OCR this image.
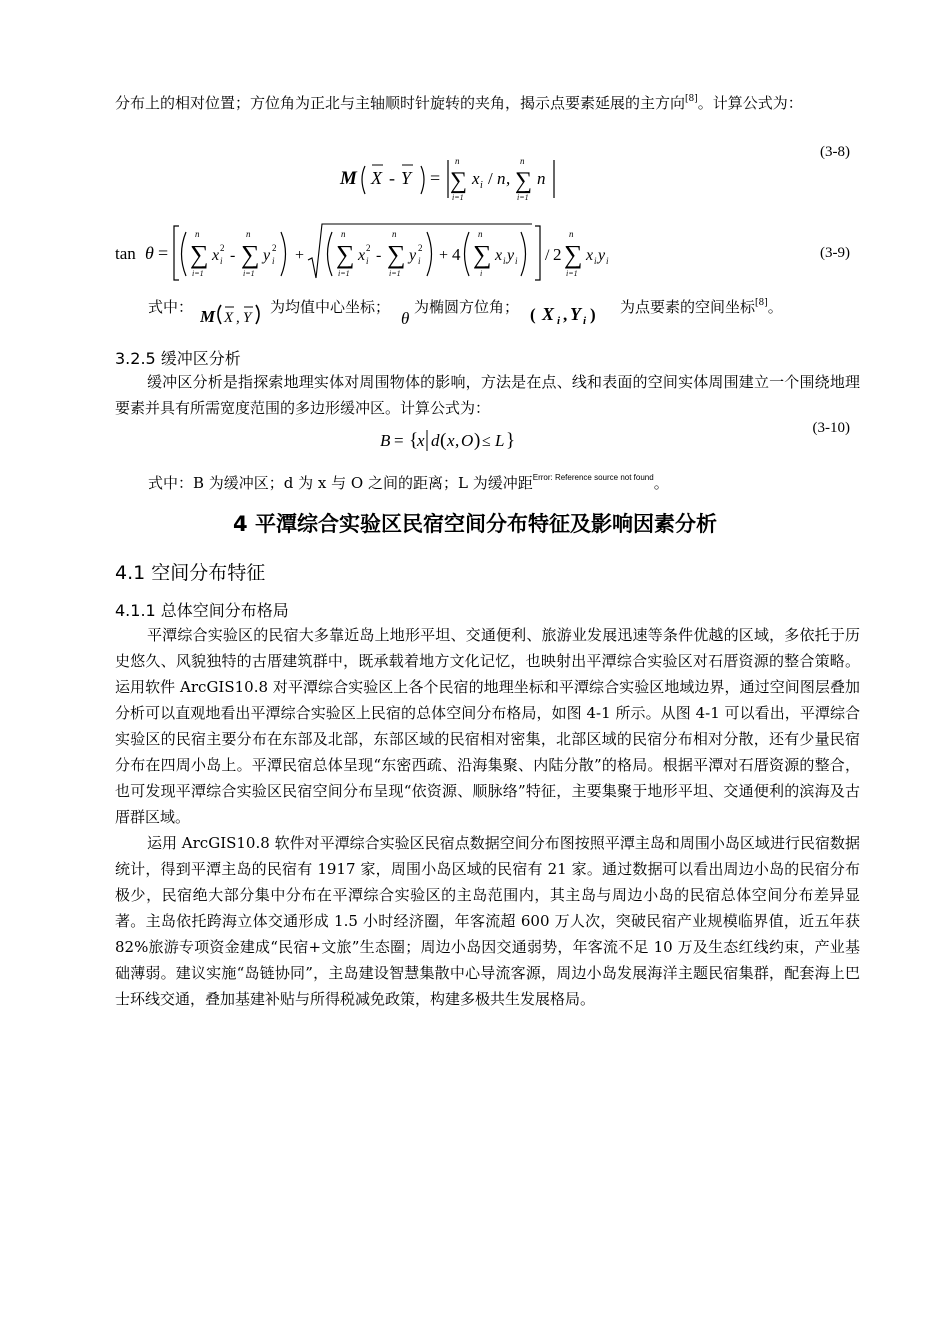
分布上的相对位置；方位角为正北与主轴顺时针旋转的夹角，揭示点要素延展的主方向[8]。计算公式为：
(3-8)
M X - Y =
n
∑
i=1
x i / n ,
n
∑
i=1
n
(3-9)
tan θ =
n
∑
i=1
x 2
i -
n
∑
i=1
y 2
i +
n
∑
i=1
x 2
i -
n
∑
i=1
y 2
i + 4
n
∑
i
x i y i / 2
n
∑
i=1
x i y i
式中： M X , Y
为均值中心坐标；
θ
为椭圆方位角； ( X i , Y i ) 为点要素的空间坐标[8]。
3.2.5 缓冲区分析
缓冲区分析是指探索地理实体对周围物体的影响，方法是在点、线和表面的空间实体周围建立一个围绕地理要素并具有所需宽度范围的多边形缓冲区。计算公式为：
(3-10)
B = {
x d ( x , O ) ≤ L }
式中：B 为缓冲区；d 为 x 与 O 之间的距离；L 为缓冲距$^{Error: Reference source not found}$。
4 平潭综合实验区民宿空间分布特征及影响因素分析
4.1 空间分布特征
4.1.1 总体空间分布格局
平潭综合实验区的民宿大多靠近岛上地形平坦、交通便利、旅游业发展迅速等条件优越的区域，多依托于历史悠久、风貌独特的古厝建筑群中，既承载着地方文化记忆，也映射出平潭综合实验区对石厝资源的整合策略。运用软件 ArcGIS10.8 对平潭综合实验区上各个民宿的地理坐标和平潭综合实验区地域边界，通过空间图层叠加分析可以直观地看出平潭综合实验区上民宿的总体空间分布格局，如图 4-1 所示。从图 4-1 可以看出，平潭综合实验区的民宿主要分布在东部及北部，东部区域的民宿相对密集，北部区域的民宿分布相对分散，还有少量民宿分布在四周小岛上。平潭民宿总体呈现“东密西疏、沿海集聚、内陆分散”的格局。根据平潭对石厝资源的整合，也可发现平潭综合实验区民宿空间分布呈现“依资源、顺脉络”特征，主要集聚于地形平坦、交通便利的滨海及古厝群区域。
运用 ArcGIS10.8 软件对平潭综合实验区民宿点数据空间分布图按照平潭主岛和周围小岛区域进行民宿数据统计，得到平潭主岛的民宿有 1917 家，周围小岛区域的民宿有 21 家。通过数据可以看出周边小岛的民宿分布极少，民宿绝大部分集中分布在平潭综合实验区的主岛范围内，其主岛与周边小岛的民宿总体空间分布差异显著。主岛依托跨海立体交通形成 1.5 小时经济圈，年客流超 600 万人次，突破民宿产业规模临界值，近五年获 82%旅游专项资金建成“民宿+文旅”生态圈；周边小岛因交通弱势，年客流不足 10 万及生态红线约束，产业基础薄弱。建议实施“岛链协同”，主岛建设智慧集散中心导流客源，周边小岛发展海洋主题民宿集群，配套海上巴士环线交通，叠加基建补贴与所得税减免政策，构建多极共生发展格局。
